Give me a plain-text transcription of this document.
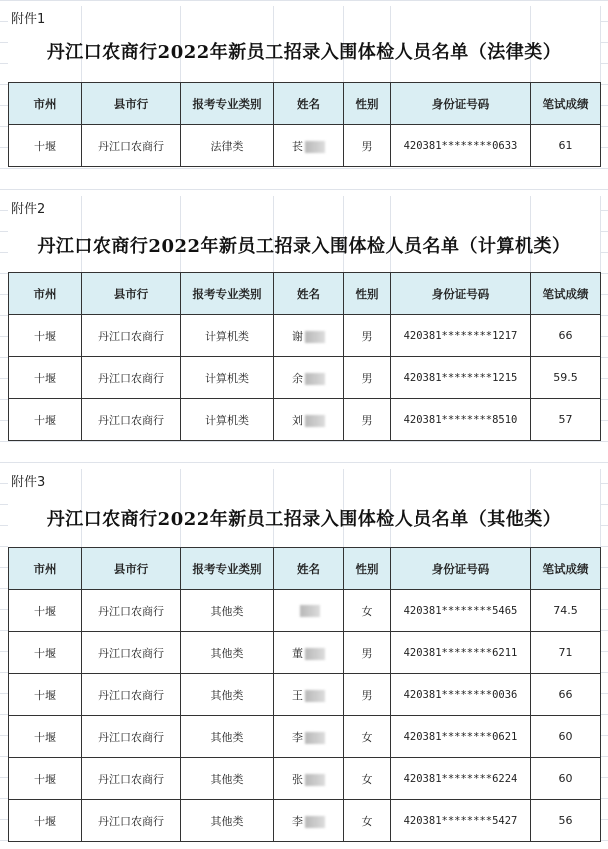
附件1
丹江口农商行2022年新员工招录入围体检人员名单（法律类）
市州	县市行	报考专业类别	姓名	性别	身份证号码	笔试成绩
十堰	丹江口农商行	法律类	苌	男	420381********0633	61
附件2
丹江口农商行2022年新员工招录入围体检人员名单（计算机类）
市州	县市行	报考专业类别	姓名	性别	身份证号码	笔试成绩
十堰	丹江口农商行	计算机类	谢	男	420381********1217	66
十堰	丹江口农商行	计算机类	余	男	420381********1215	59.5
十堰	丹江口农商行	计算机类	刘	男	420381********8510	57
附件3
丹江口农商行2022年新员工招录入围体检人员名单（其他类）
市州	县市行	报考专业类别	姓名	性别	身份证号码	笔试成绩
十堰	丹江口农商行	其他类		女	420381********5465	74.5
十堰	丹江口农商行	其他类	董	男	420381********6211	71
十堰	丹江口农商行	其他类	王	男	420381********0036	66
十堰	丹江口农商行	其他类	李	女	420381********0621	60
十堰	丹江口农商行	其他类	张	女	420381********6224	60
十堰	丹江口农商行	其他类	李	女	420381********5427	56
